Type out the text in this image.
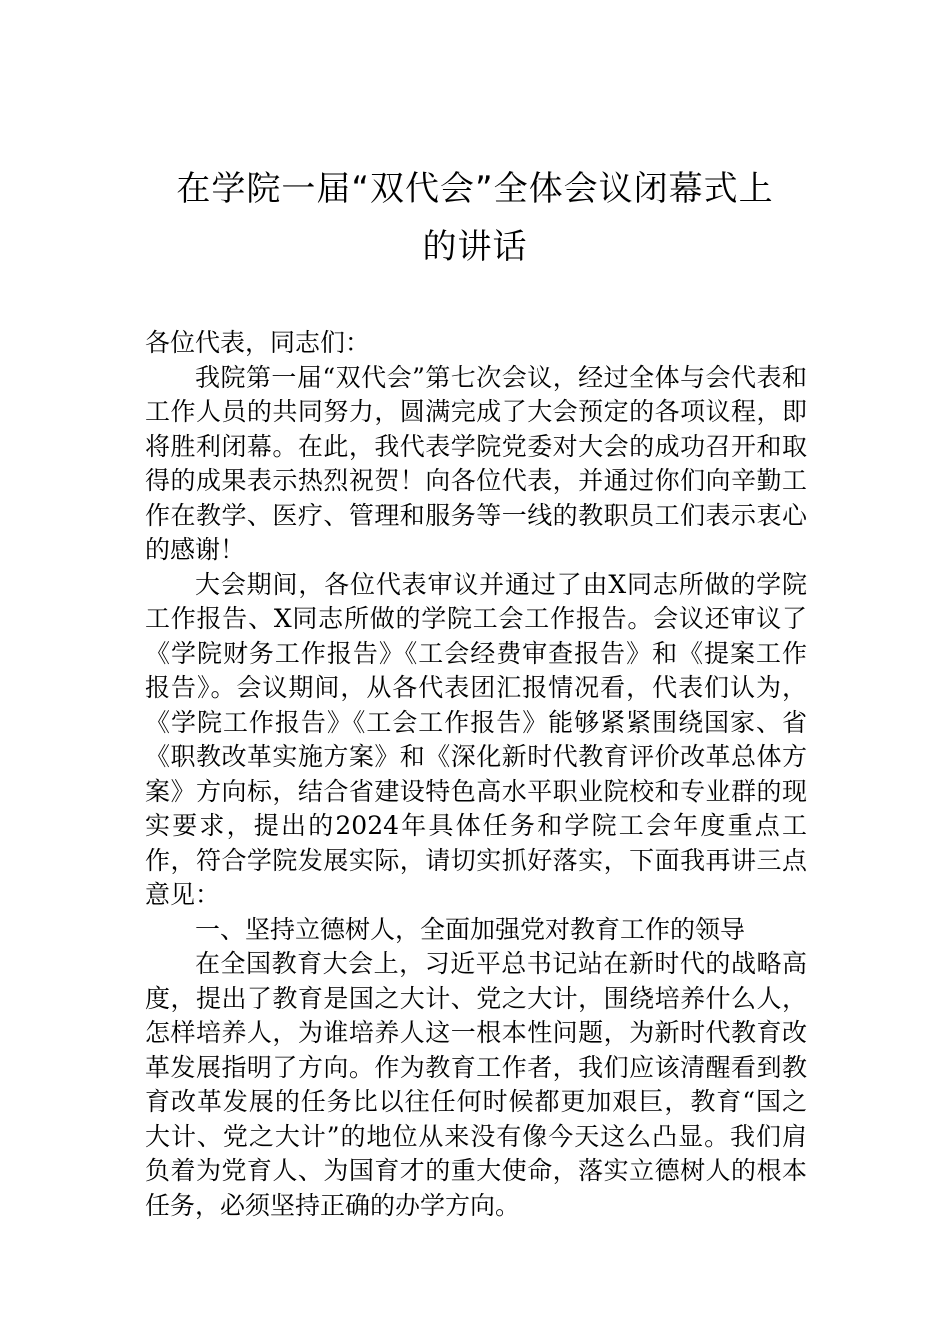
在学院一届“双代会”全体会议闭幕式上
的讲话

各位代表，同志们：

我院第一届“双代会”第七次会议，经过全体与会代表和工作人员的共同努力，圆满完成了大会预定的各项议程，即将胜利闭幕。在此，我代表学院党委对大会的成功召开和取得的成果表示热烈祝贺！向各位代表，并通过你们向辛勤工作在教学、医疗、管理和服务等一线的教职员工们表示衷心的感谢！

大会期间，各位代表审议并通过了由X同志所做的学院工作报告、X同志所做的学院工会工作报告。会议还审议了《学院财务工作报告》《工会经费审查报告》和《提案工作报告》。会议期间，从各代表团汇报情况看，代表们认为，《学院工作报告》《工会工作报告》能够紧紧围绕国家、省《职教改革实施方案》和《深化新时代教育评价改革总体方案》方向标，结合省建设特色高水平职业院校和专业群的现实要求，提出的2024年具体任务和学院工会年度重点工作，符合学院发展实际，请切实抓好落实，下面我再讲三点意见：

一、坚持立德树人，全面加强党对教育工作的领导

在全国教育大会上，习近平总书记站在新时代的战略高度，提出了教育是国之大计、党之大计，围绕培养什么人，怎样培养人，为谁培养人这一根本性问题，为新时代教育改革发展指明了方向。作为教育工作者，我们应该清醒看到教育改革发展的任务比以往任何时候都更加艰巨，教育“国之大计、党之大计”的地位从来没有像今天这么凸显。我们肩负着为党育人、为国育才的重大使命，落实立德树人的根本任务，必须坚持正确的办学方向。
